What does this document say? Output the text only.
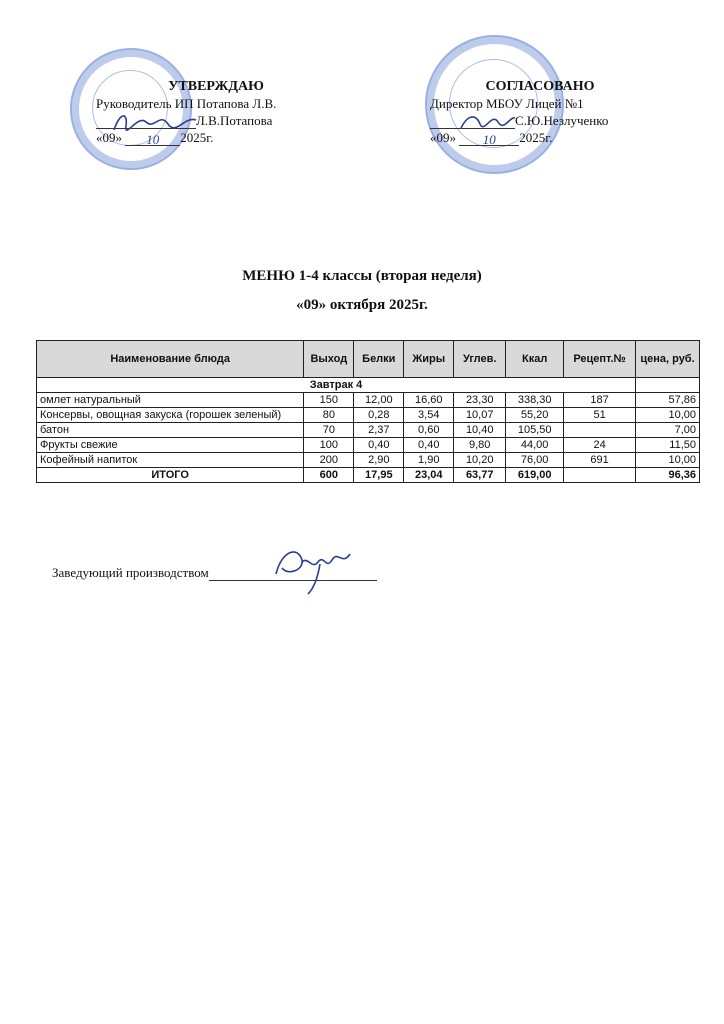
УТВЕРЖДАЮ
Руководитель ИП Потапова Л.В.
Л.В.Потапова
«09» 10 2025г.
СОГЛАСОВАНО
Директор МБОУ Лицей №1
С.Ю.Незлученко
«09» 10 2025г.
МЕНЮ 1-4 классы (вторая неделя)
«09» октября 2025г.
Наименование блюда	Выход	Белки	Жиры	Углев.	Ккал	Рецепт.№	цена, руб.
Завтрак 4							
омлет натуральный	150	12,00	16,60	23,30	338,30	187	57,86
Консервы, овощная закуска (горошек зеленый)	80	0,28	3,54	10,07	55,20	51	10,00
батон	70	2,37	0,60	10,40	105,50		7,00
Фрукты свежие	100	0,40	0,40	9,80	44,00	24	11,50
Кофейный напиток	200	2,90	1,90	10,20	76,00	691	10,00
ИТОГО	600	17,95	23,04	63,77	619,00		96,36
Заведующий производством
